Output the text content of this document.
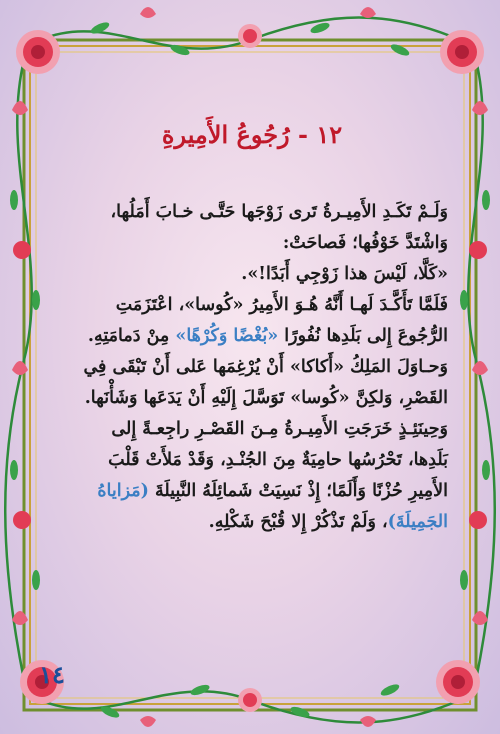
١٢ - رُجُوعُ الأَمِيرةِ
وَلَـمْ تَكَـدِ الأَمِيـرةُ تَرى زَوْجَها حَتَّـى خـابَ أَمَلُها،
وَاشْتَدَّ خَوْفُها؛ فَصاحَتْ:
«كَلَّا، لَيْسَ هذا زَوْجِي أَبَدًا!».
فَلَمَّا تَأَكَّـدَ لَهـا أَنَّهُ هُـوَ الأَمِيرُ «كُوسا»، اعْتَزَمَتِ
الرُّجُوعَ إِلى بَلَدِها نُفُورًا «بُغْضًا وَكُرْهًا» مِنْ دَمامَتِهِ.
وَحـاوَلَ المَلِكُ «أَكاكا» أَنْ يُرْغِمَها عَلى أَنْ تَبْقَى فِي
القَصْرِ، وَلكِنَّ «كُوسا» تَوَسَّلَ إِلَيْهِ أَنْ يَدَعَها وَشَأْنَها.
وَحِينَئِـذٍ خَرَجَتِ الأَمِيـرةُ مِـنَ القَصْـرِ راجِعـةً إِلى
بَلَدِها، تَحْرُسُها حامِيَةٌ مِنَ الجُنْـدِ، وَقَدْ مَلأَتْ قَلْبَ
الأَمِيرِ حُزْنًا وَأَلَمًا؛ إِذْ نَسِيَتْ شَمائِلَهُ النَّبِيلَةَ (مَزاياهُ
الجَمِيلَةَ)، وَلَمْ تَذْكُرْ إِلا قُبْحَ شَكْلِهِ.
١٤
